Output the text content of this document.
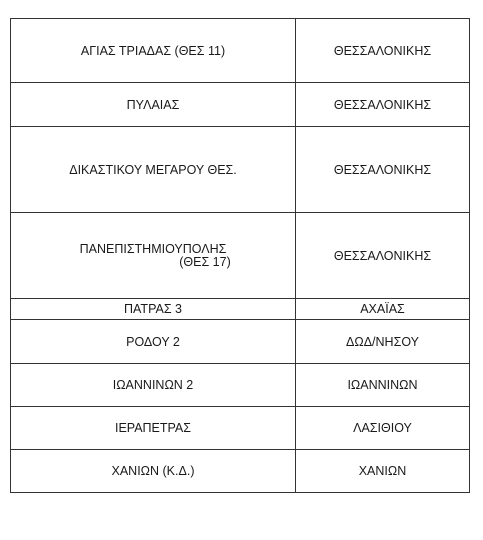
ΑΓΙΑΣ ΤΡΙΑΔΑΣ (ΘΕΣ 11)	ΘΕΣΣΑΛΟΝΙΚΗΣ
ΠΥΛΑΙΑΣ	ΘΕΣΣΑΛΟΝΙΚΗΣ
ΔΙΚΑΣΤΙΚΟΥ ΜΕΓΑΡΟΥ ΘΕΣ.	ΘΕΣΣΑΛΟΝΙΚΗΣ
ΠΑΝΕΠΙΣΤΗΜΙΟΥΠΟΛΗΣ
(ΘΕΣ 17)	ΘΕΣΣΑΛΟΝΙΚΗΣ
ΠΑΤΡΑΣ 3	ΑΧΑΪΑΣ
ΡΟΔΟΥ 2	ΔΩΔ/ΝΗΣΟΥ
ΙΩΑΝΝΙΝΩΝ 2	ΙΩΑΝΝΙΝΩΝ
ΙΕΡΑΠΕΤΡΑΣ	ΛΑΣΙΘΙΟΥ
ΧΑΝΙΩΝ (Κ.Δ.)	ΧΑΝΙΩΝ
